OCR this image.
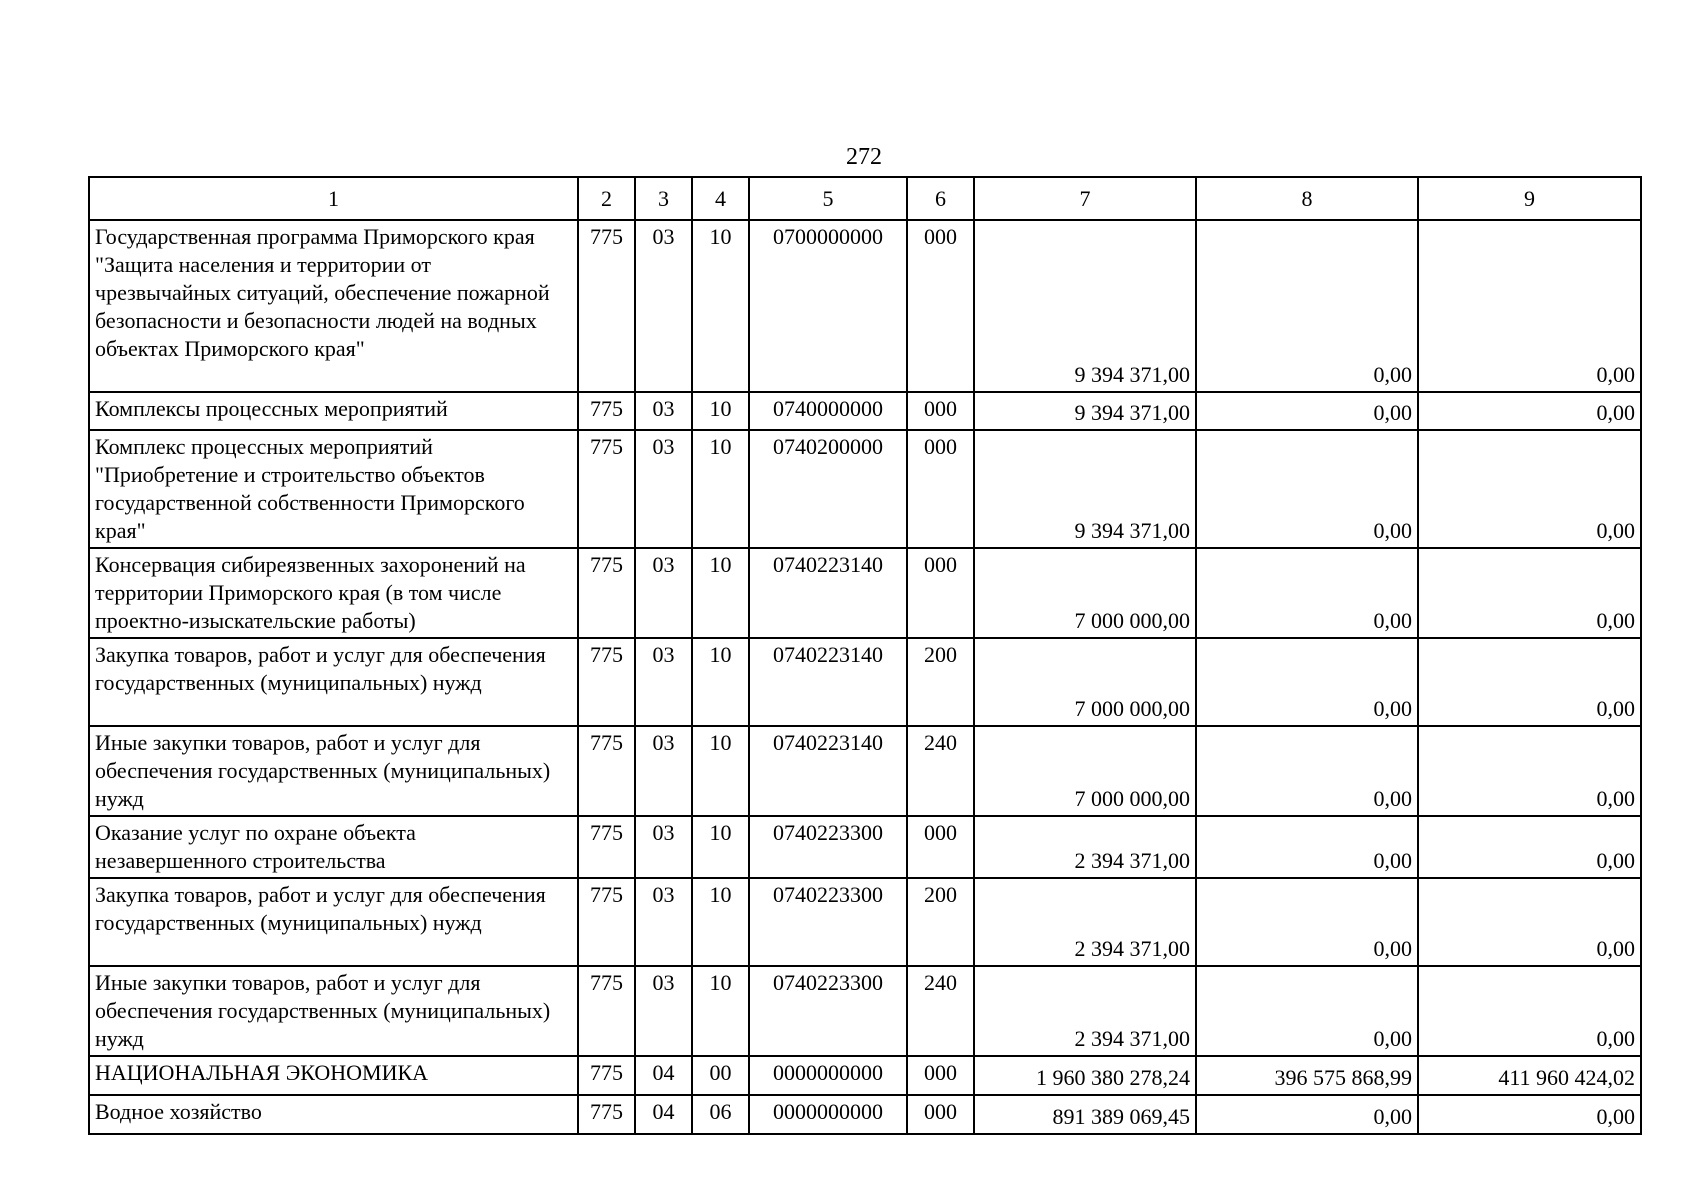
272
1	2	3	4	5	6	7	8	9
Государственная программа Приморского края "Защита населения и территории от чрезвычайных ситуаций, обеспечение пожарной безопасности и безопасности людей на водных объектах Приморского края"	775	03	10	0700000000	000	9 394 371,00	0,00	0,00
Комплексы процессных мероприятий	775	03	10	0740000000	000	9 394 371,00	0,00	0,00
Комплекс процессных мероприятий "Приобретение и строительство объектов государственной собственности Приморского края"	775	03	10	0740200000	000	9 394 371,00	0,00	0,00
Консервация сибиреязвенных захоронений на территории Приморского края (в том числе проектно-изыскательские работы)	775	03	10	0740223140	000	7 000 000,00	0,00	0,00
Закупка товаров, работ и услуг для обеспечения государственных (муниципальных) нужд	775	03	10	0740223140	200	7 000 000,00	0,00	0,00
Иные закупки товаров, работ и услуг для обеспечения государственных (муниципальных) нужд	775	03	10	0740223140	240	7 000 000,00	0,00	0,00
Оказание услуг по охране объекта незавершенного строительства	775	03	10	0740223300	000	2 394 371,00	0,00	0,00
Закупка товаров, работ и услуг для обеспечения государственных (муниципальных) нужд	775	03	10	0740223300	200	2 394 371,00	0,00	0,00
Иные закупки товаров, работ и услуг для обеспечения государственных (муниципальных) нужд	775	03	10	0740223300	240	2 394 371,00	0,00	0,00
НАЦИОНАЛЬНАЯ ЭКОНОМИКА	775	04	00	0000000000	000	1 960 380 278,24	396 575 868,99	411 960 424,02
Водное хозяйство	775	04	06	0000000000	000	891 389 069,45	0,00	0,00
